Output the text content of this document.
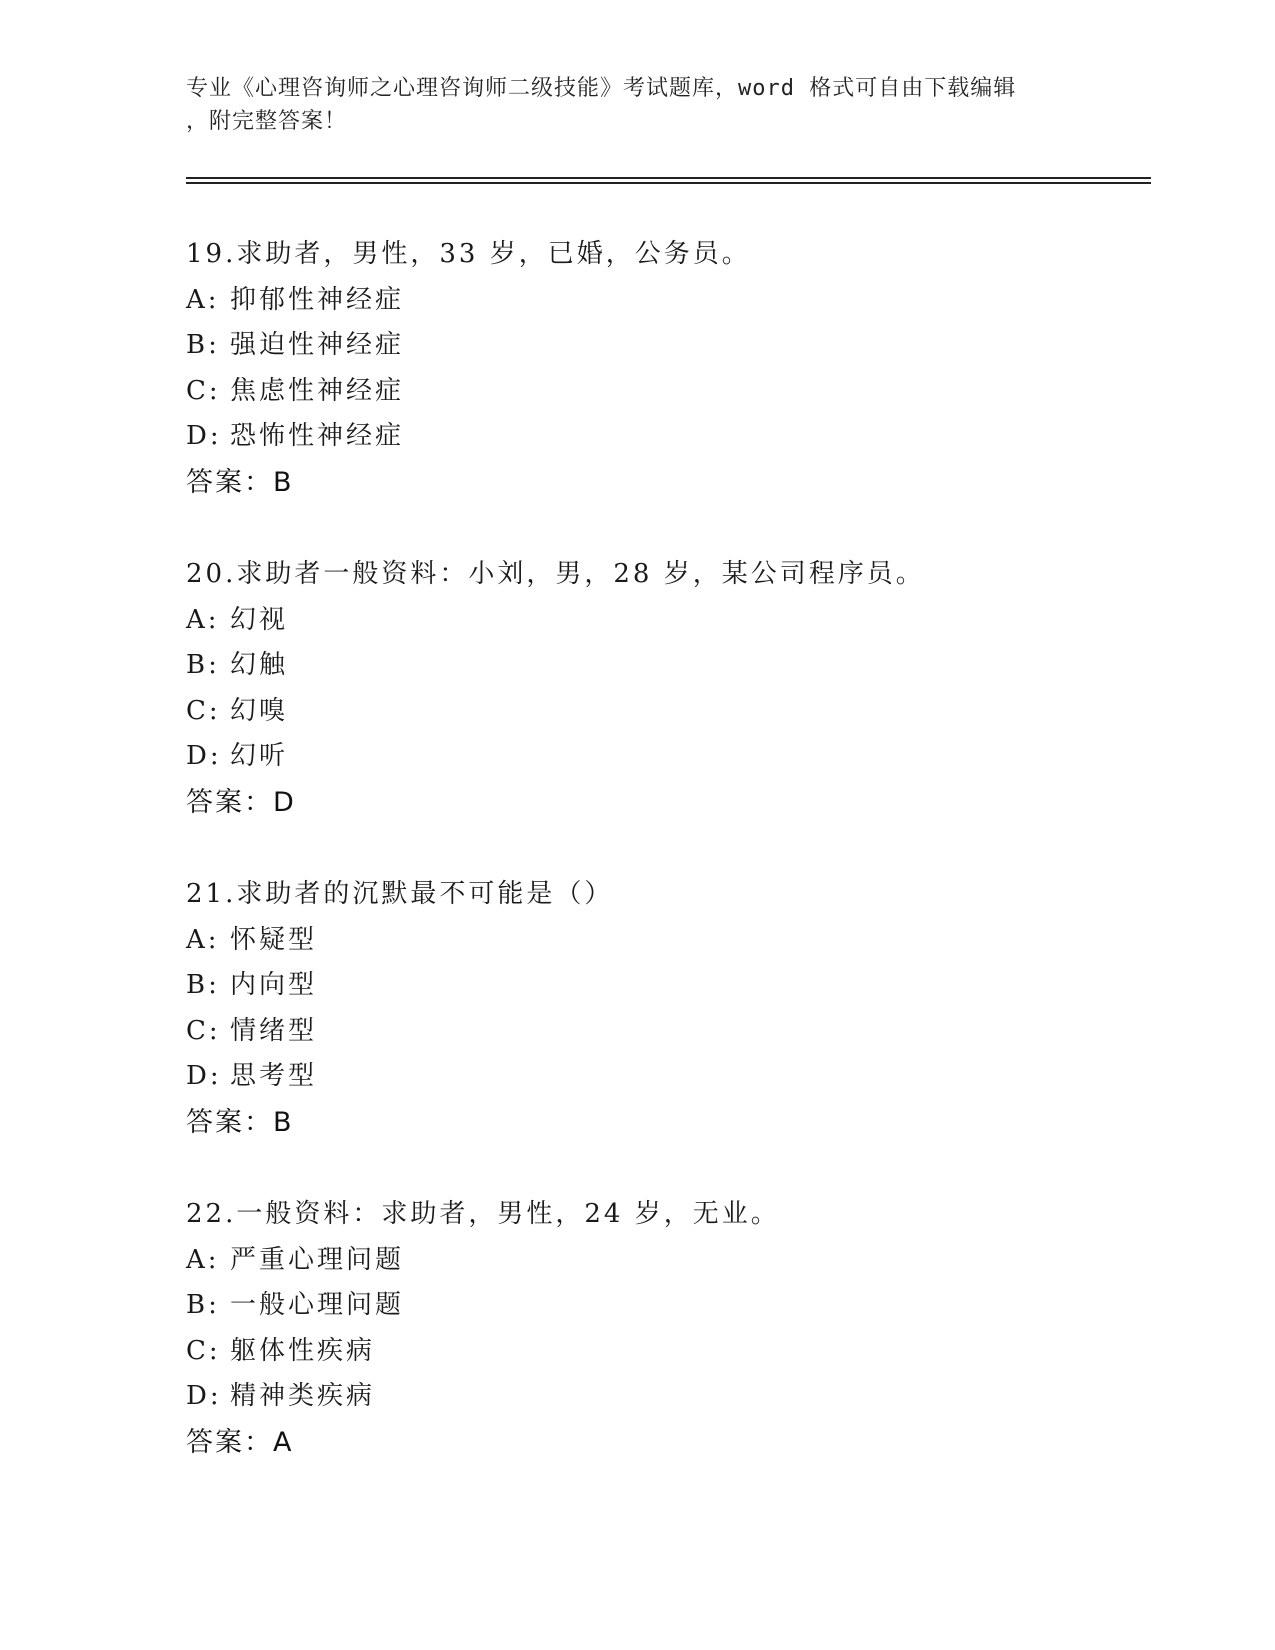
专业《心理咨询师之心理咨询师二级技能》考试题库，word 格式可自由下载编辑
，附完整答案！
19.求助者，男性，33 岁，已婚，公务员。
A: 抑郁性神经症
B: 强迫性神经症
C: 焦虑性神经症
D: 恐怖性神经症
答案：B
20.求助者一般资料：小刘，男，28 岁，某公司程序员。
A: 幻视
B: 幻触
C: 幻嗅
D: 幻听
答案：D
21.求助者的沉默最不可能是（）
A: 怀疑型
B: 内向型
C: 情绪型
D: 思考型
答案：B
22.一般资料：求助者，男性，24 岁，无业。
A: 严重心理问题
B: 一般心理问题
C: 躯体性疾病
D: 精神类疾病
答案：A
